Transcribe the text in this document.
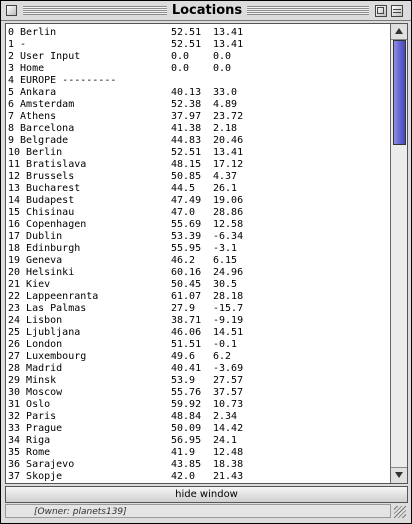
Locations
0 Berlin	52.51 13.41
1 -	52.51 13.41
2 User Input	0.0 0.0
3 Home	0.0 0.0
4 EUROPE ---------
5 Ankara	40.13 33.0
6 Amsterdam	52.38 4.89
7 Athens	37.97 23.72
8 Barcelona	41.38 2.18
9 Belgrade	44.83 20.46
10 Berlin	52.51 13.41
11 Bratislava	48.15 17.12
12 Brussels	50.85 4.37
13 Bucharest	44.5 26.1
14 Budapest	47.49 19.06
15 Chisinau	47.0 28.86
16 Copenhagen	55.69 12.58
17 Dublin	53.39 -6.34
18 Edinburgh	55.95 -3.1
19 Geneva	46.2 6.15
20 Helsinki	60.16 24.96
21 Kiev	50.45 30.5
22 Lappeenranta	61.07 28.18
23 Las Palmas	27.9 -15.7
24 Lisbon	38.71 -9.19
25 Ljubljana	46.06 14.51
26 London	51.51 -0.1
27 Luxembourg	49.6 6.2
28 Madrid	40.41 -3.69
29 Minsk	53.9 27.57
30 Moscow	55.76 37.57
31 Oslo	59.92 10.73
32 Paris	48.84 2.34
33 Prague	50.09 14.42
34 Riga	56.95 24.1
35 Rome	41.9 12.48
36 Sarajevo	43.85 18.38
37 Skopje	42.0 21.43
hide window
[Owner: planets139]
